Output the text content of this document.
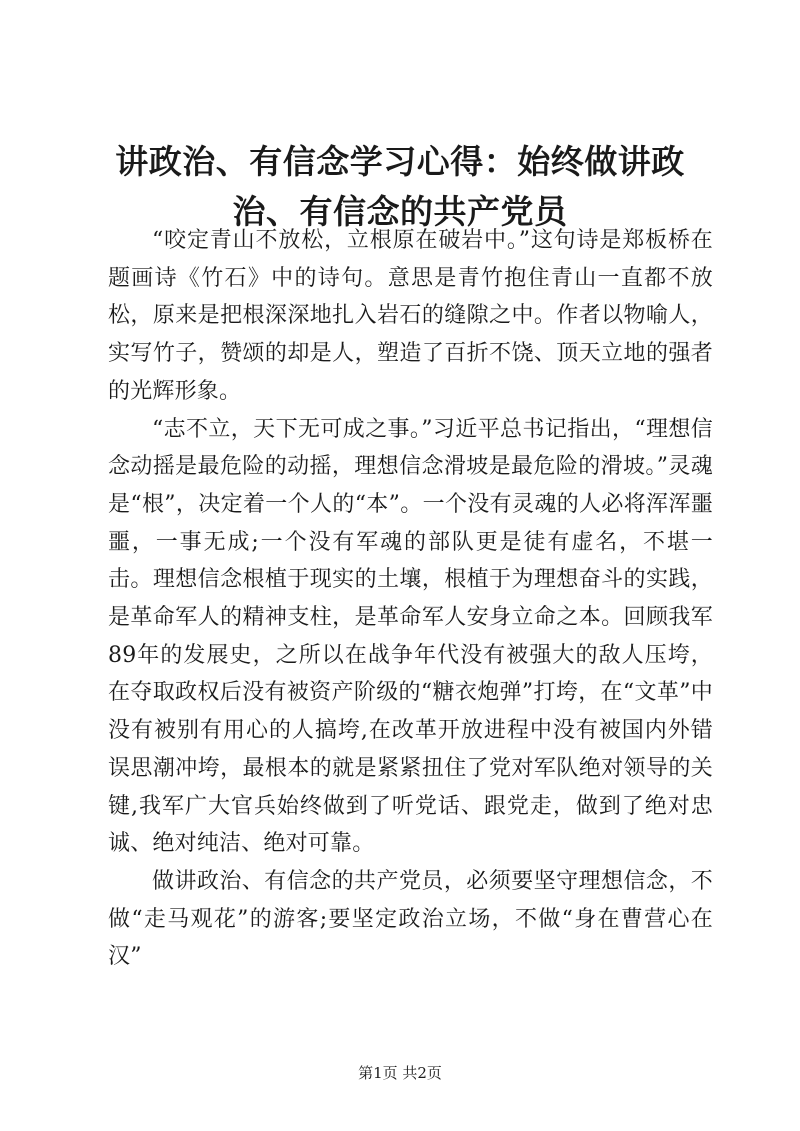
讲政治、有信念学习心得：始终做讲政治、有信念的共产党员

“咬定青山不放松，立根原在破岩中。”这句诗是郑板桥在题画诗《竹石》中的诗句。意思是青竹抱住青山一直都不放松，原来是把根深深地扎入岩石的缝隙之中。作者以物喻人，实写竹子，赞颂的却是人，塑造了百折不饶、顶天立地的强者的光辉形象。

“志不立，天下无可成之事。”习近平总书记指出，“理想信念动摇是最危险的动摇，理想信念滑坡是最危险的滑坡。”灵魂是“根”，决定着一个人的“本”。一个没有灵魂的人必将浑浑噩噩，一事无成;一个没有军魂的部队更是徒有虚名，不堪一击。理想信念根植于现实的土壤，根植于为理想奋斗的实践，是革命军人的精神支柱，是革命军人安身立命之本。回顾我军89年的发展史，之所以在战争年代没有被强大的敌人压垮，在夺取政权后没有被资产阶级的“糖衣炮弹”打垮，在“文革”中没有被别有用心的人搞垮,在改革开放进程中没有被国内外错误思潮冲垮，最根本的就是紧紧扭住了党对军队绝对领导的关键,我军广大官兵始终做到了听党话、跟党走，做到了绝对忠诚、绝对纯洁、绝对可靠。

做讲政治、有信念的共产党员，必须要坚守理想信念，不做“走马观花”的游客;要坚定政治立场，不做“身在曹营心在汉”

第1页 共2页
